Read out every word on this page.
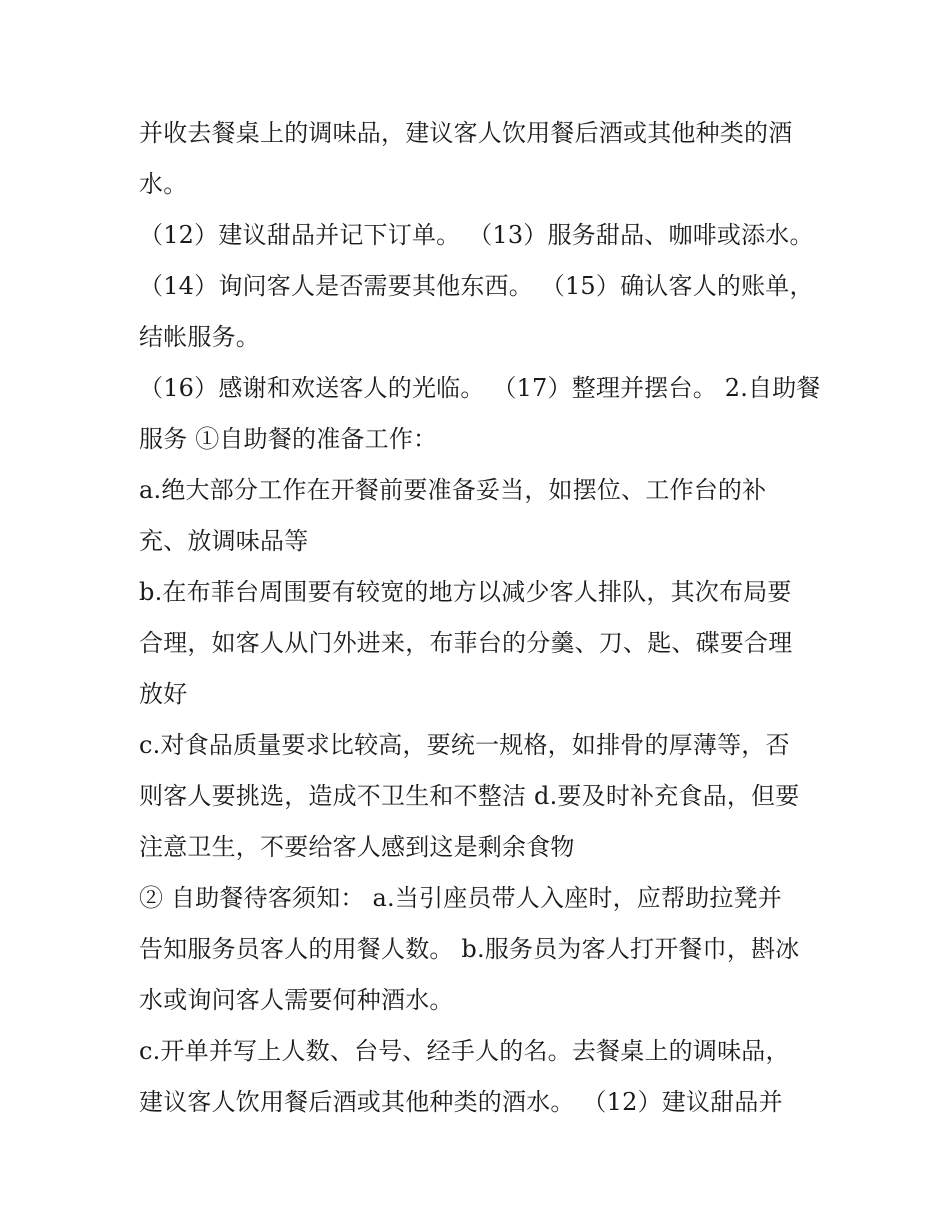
并收去餐桌上的调味品，建议客人饮用餐后酒或其他种类的酒
水。
（12）建议甜品并记下订单。 （13）服务甜品、咖啡或添水。
（14）询问客人是否需要其他东西。 （15）确认客人的账单，
结帐服务。
（16）感谢和欢送客人的光临。 （17）整理并摆台。 2.自助餐
服务 ①自助餐的准备工作：
a.绝大部分工作在开餐前要准备妥当，如摆位、工作台的补
充、放调味品等
b.在布菲台周围要有较宽的地方以减少客人排队，其次布局要
合理，如客人从门外进来，布菲台的分羹、刀、匙、碟要合理
放好
c.对食品质量要求比较高，要统一规格，如排骨的厚薄等，否
则客人要挑选，造成不卫生和不整洁 d.要及时补充食品，但要
注意卫生，不要给客人感到这是剩余食物
② 自助餐待客须知： a.当引座员带人入座时，应帮助拉凳并
告知服务员客人的用餐人数。 b.服务员为客人打开餐巾，斟冰
水或询问客人需要何种酒水。
c.开单并写上人数、台号、经手人的名。去餐桌上的调味品，
建议客人饮用餐后酒或其他种类的酒水。 （12）建议甜品并
